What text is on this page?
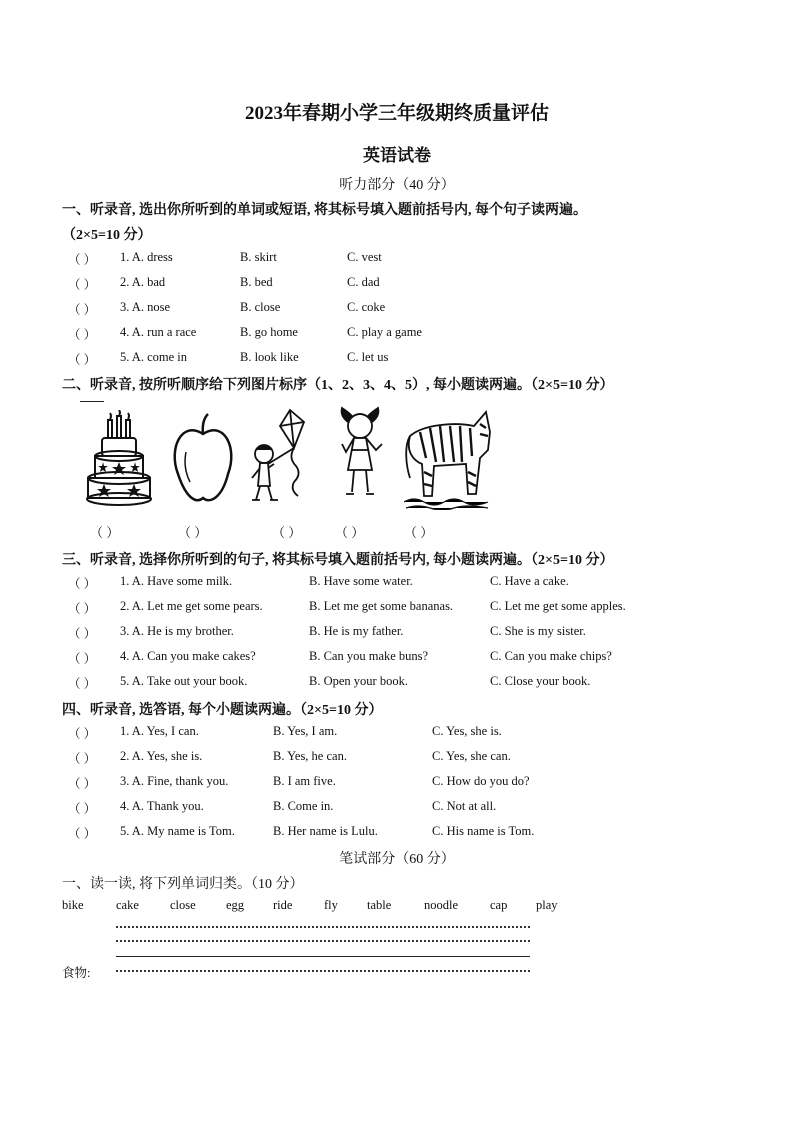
2023年春期小学三年级期终质量评估
英语试卷
听力部分（40 分）
一、听录音, 选出你所听到的单词或短语, 将其标号填入题前括号内, 每个句子读两遍。
（2×5=10 分）
（ ） 1. A. dress	B. skirt	C. vest
（ ） 2. A. bad	B. bed	C. dad
（ ） 3. A. nose	B. close	C. coke
（ ） 4. A. run a race	B. go home	C. play a game
（ ） 5. A. come in	B. look like	C. let us
二、听录音, 按所听顺序给下列图片标序（1、2、3、4、5）, 每小题读两遍。（2×5=10 分）
（ ）	（ ）	（ ）	（ ）	（ ）
三、听录音, 选择你所听到的句子, 将其标号填入题前括号内, 每小题读两遍。（2×5=10 分）
（ ） 1. A. Have some milk.	B. Have some water.	C. Have a cake.
（ ） 2. A. Let me get some pears.	B. Let me get some bananas.	C. Let me get some apples.
（ ） 3. A. He is my brother.	B. He is my father.	C. She is my sister.
（ ） 4. A. Can you make cakes?	B. Can you make buns?	C. Can you make chips?
（ ） 5. A. Take out your book.	B. Open your book.	C. Close your book.
四、听录音, 选答语, 每个小题读两遍。（2×5=10 分）
（ ） 1. A. Yes, I can.	B. Yes, I am.	C. Yes, she is.
（ ） 2. A. Yes, she is.	B. Yes, he can.	C. Yes, she can.
（ ） 3. A. Fine, thank you.	B. I am five.	C. How do you do?
（ ） 4. A. Thank you.	B. Come in.	C. Not at all.
（ ） 5. A. My name is Tom.	B. Her name is Lulu.	C. His name is Tom.
笔试部分（60 分）
一、读一读, 将下列单词归类。（10 分）
bike	cake close egg ride	fly table	noodle	cap play
食物:
